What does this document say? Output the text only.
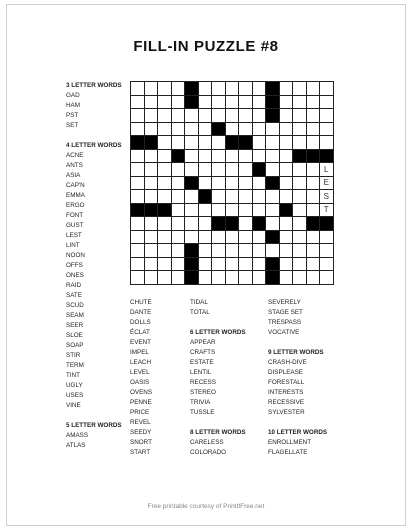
FILL-IN PUZZLE #8
L
E
S
T
3 LETTER WORDS
GAD
HAM
PST
SET
4 LETTER WORDS
ACNE
ANTS
ASIA
CAP'N
EMMA
ERGO
FONT
GUST
LEST
LINT
NOON
OFFS
ONES
RAID
SATE
SCUD
SEAM
SEER
SLOE
SOAP
STIR
TERM
TINT
UGLY
USES
VINE
5 LETTER WORDS
AMASS
ATLAS
CHUTE
DANTE
DOLLS
ÉCLAT
EVENT
IMPEL
LEACH
LEVEL
OASIS
OVENS
PENNE
PRICE
REVEL
SEEDY
SNORT
START
TIDAL
TOTAL
6 LETTER WORDS
APPEAR
CRAFTS
ESTATE
LENTIL
RECESS
STEREO
TRIVIA
TUSSLE
8 LETTER WORDS
CARELESS
COLORADO
SEVERELY
STAGE SET
TRESPASS
VOCATIVE
9 LETTER WORDS
CRASH-DIVE
DISPLEASE
FORESTALL
INTERESTS
RECESSIVE
SYLVESTER
10 LETTER WORDS
ENROLLMENT
FLAGELLATE
Free printable courtesy of PrintItFree.net
